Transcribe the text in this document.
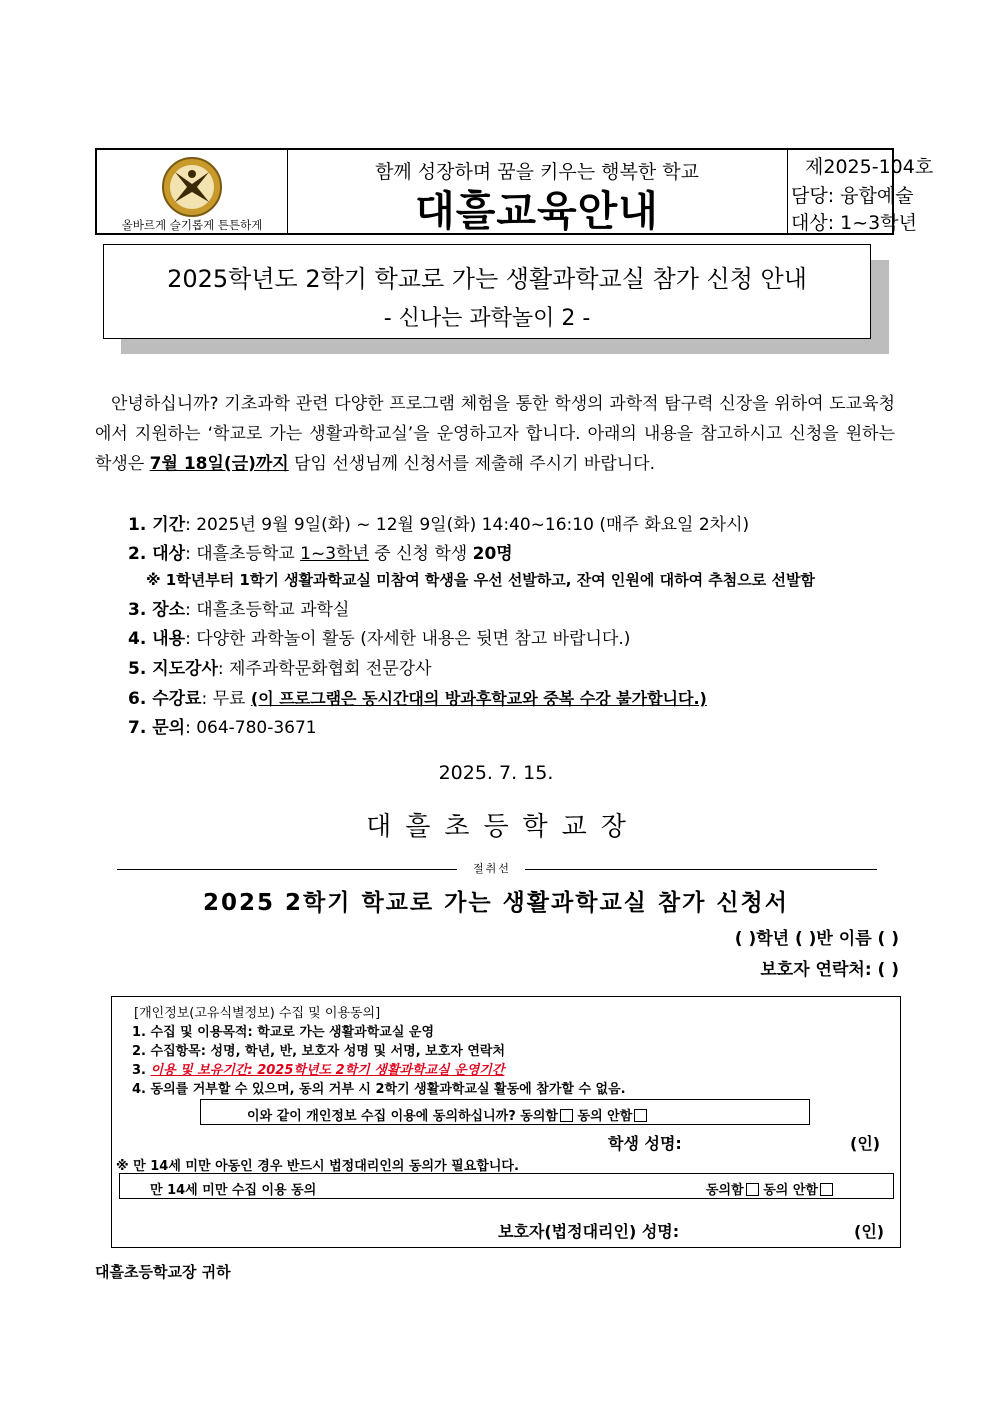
올바르게 슬기롭게 튼튼하게
함께 성장하며 꿈을 키우는 행복한 학교
대흘교육안내
제2025-104호
담당: 융합예술
대상: 1~3학년
2025학년도 2학기 학교로 가는 생활과학교실 참가 신청 안내
- 신나는 과학놀이 2 -
안녕하십니까? 기초과학 관련 다양한 프로그램 체험을 통한 학생의 과학적 탐구력 신장을 위하여 도교육청에서 지원하는 ‘학교로 가는 생활과학교실’을 운영하고자 합니다. 아래의 내용을 참고하시고 신청을 원하는 학생은 7월 18일(금)까지 담임 선생님께 신청서를 제출해 주시기 바랍니다.
1. 기간: 2025년 9월 9일(화) ~ 12월 9일(화) 14:40~16:10 (매주 화요일 2차시)
2. 대상: 대흘초등학교 1~3학년 중 신청 학생 20명
※ 1학년부터 1학기 생활과학교실 미참여 학생을 우선 선발하고, 잔여 인원에 대하여 추첨으로 선발함
3. 장소: 대흘초등학교 과학실
4. 내용: 다양한 과학놀이 활동 (자세한 내용은 뒷면 참고 바랍니다.)
5. 지도강사: 제주과학문화협회 전문강사
6. 수강료: 무료 (이 프로그램은 동시간대의 방과후학교와 중복 수강 불가합니다.)
7. 문의: 064-780-3671
2025. 7. 15.
대흘초등학교장
절취선
2025 2학기 학교로 가는 생활과학교실 참가 신청서
( )학년 ( )반 이름 ( )
보호자 연락처: ( )
[개인정보(고유식별정보) 수집 및 이용동의]
1. 수집 및 이용목적: 학교로 가는 생활과학교실 운영
2. 수집항목: 성명, 학년, 반, 보호자 성명 및 서명, 보호자 연락처
3. 이용 및 보유기간: 2025학년도 2학기 생활과학교실 운영기간
4. 동의를 거부할 수 있으며, 동의 거부 시 2학기 생활과학교실 활동에 참가할 수 없음.
이와 같이 개인정보 수집 이용에 동의하십니까? 동의함 동의 안함
학생 성명:	(인)
※ 만 14세 미만 아동인 경우 반드시 법정대리인의 동의가 필요합니다.
만 14세 미만 수집 이용 동의	동의함 동의 안함
보호자(법정대리인) 성명:	(인)
대흘초등학교장 귀하
